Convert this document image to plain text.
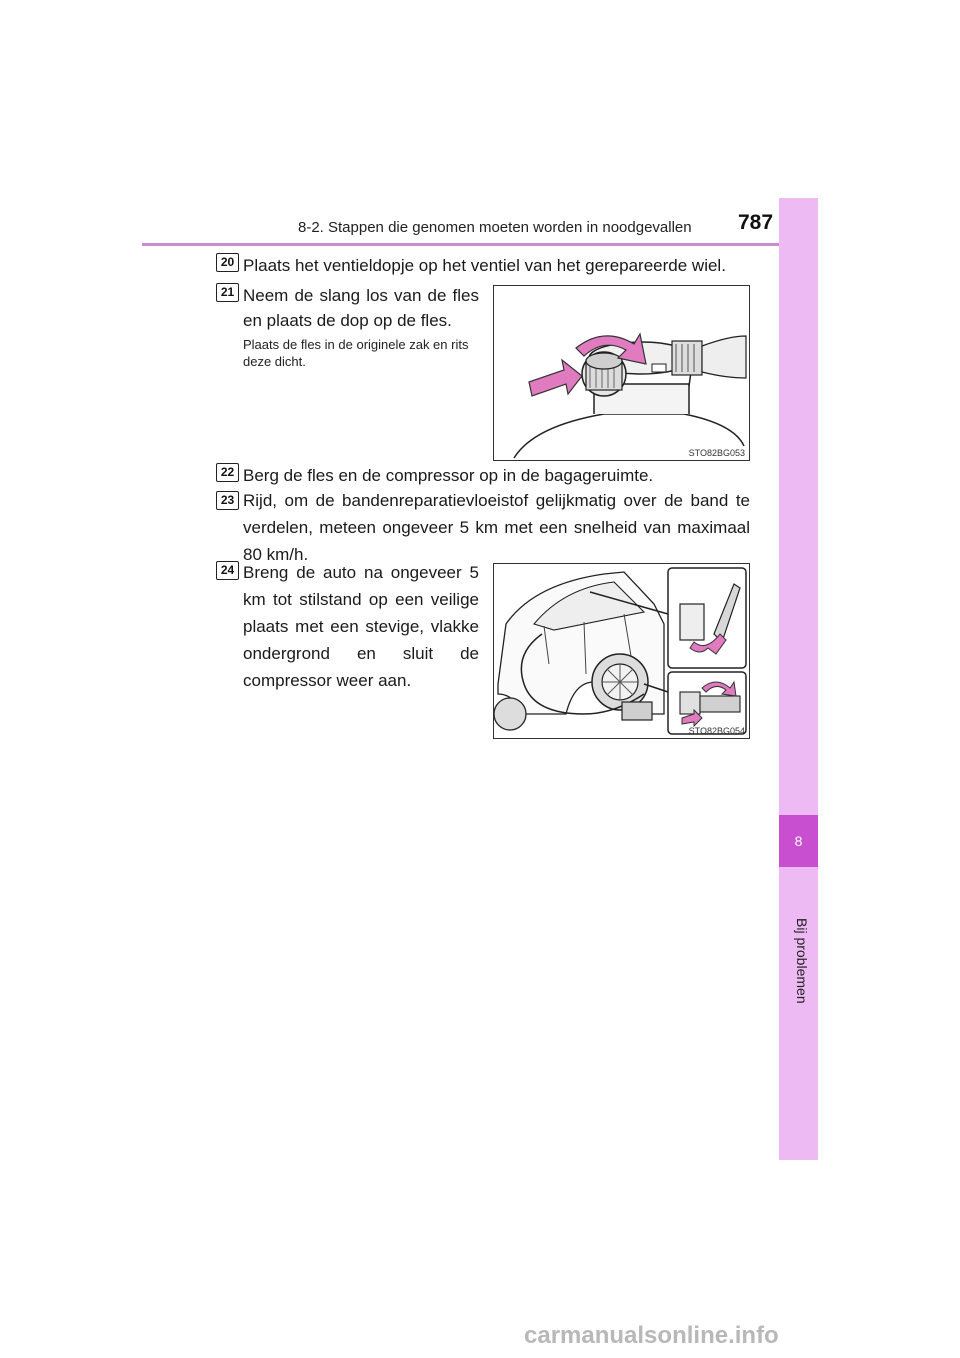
8-2. Stappen die genomen moeten worden in noodgevallen 787
8
Bij problemen
20 Plaats het ventieldopje op het ventiel van het gerepareerde wiel.
21 Neem de slang los van de fles en plaats de dop op de fles.
Plaats de fles in de originele zak en rits deze dicht.
STO82BG053
22 Berg de fles en de compressor op in de bagageruimte.
23 Rijd, om de bandenreparatievloeistof gelijkmatig over de band te verdelen, meteen ongeveer 5 km met een snelheid van maximaal 80 km/h.
24 Breng de auto na ongeveer 5 km tot stilstand op een veilige plaats met een stevige, vlakke ondergrond en sluit de compressor weer aan.
STO82BG054
carmanualsonline.info
